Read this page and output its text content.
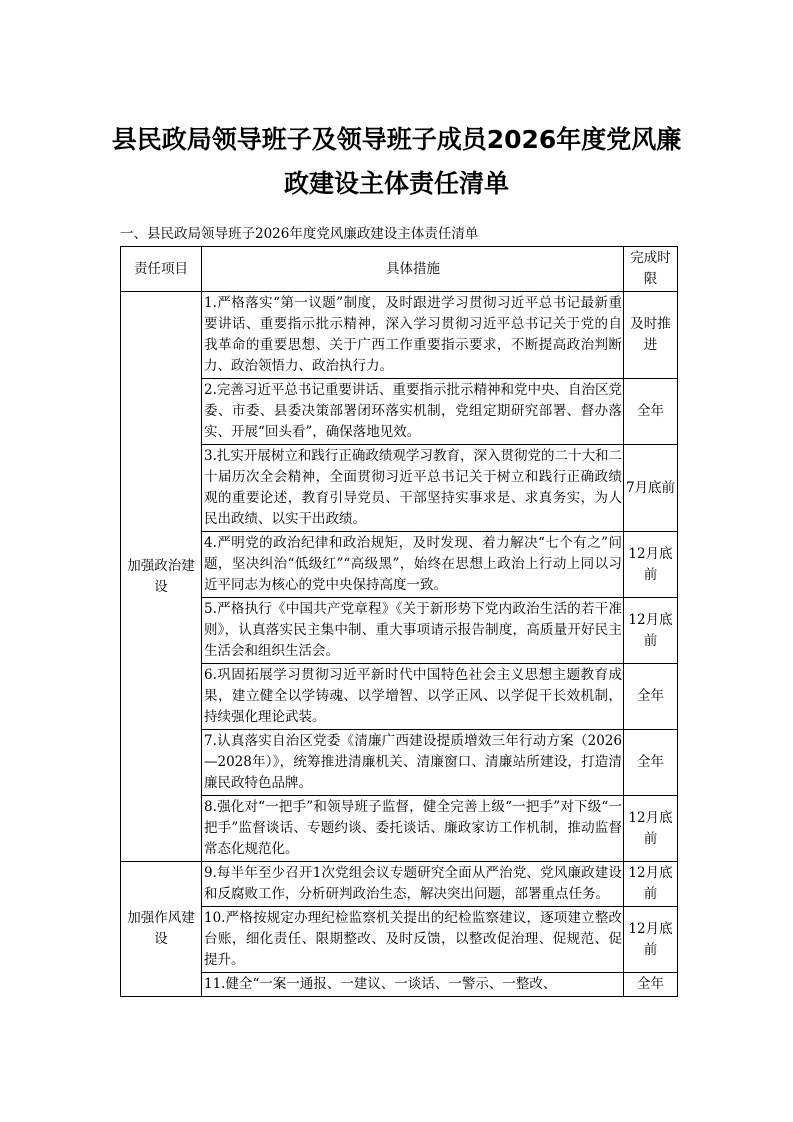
县民政局领导班子及领导班子成员2026年度党风廉
政建设主体责任清单
一、县民政局领导班子2026年度党风廉政建设主体责任清单
责任项目	具体措施	完成时限
加强政治建设	1.严格落实“第一议题”制度，及时跟进学习贯彻习近平总书记最新重要讲话、重要指示批示精神，深入学习贯彻习近平总书记关于党的自我革命的重要思想、关于广西工作重要指示要求，不断提高政治判断力、政治领悟力、政治执行力。	及时推进
	2.完善习近平总书记重要讲话、重要指示批示精神和党中央、自治区党委、市委、县委决策部署闭环落实机制，党组定期研究部署、督办落实、开展“回头看”，确保落地见效。	全年
	3.扎实开展树立和践行正确政绩观学习教育，深入贯彻党的二十大和二十届历次全会精神，全面贯彻习近平总书记关于树立和践行正确政绩观的重要论述，教育引导党员、干部坚持实事求是、求真务实，为人民出政绩、以实干出政绩。	7月底前
	4.严明党的政治纪律和政治规矩，及时发现、着力解决“七个有之”问题，坚决纠治“低级红”“高级黑”，始终在思想上政治上行动上同以习近平同志为核心的党中央保持高度一致。	12月底前
	5.严格执行《中国共产党章程》《关于新形势下党内政治生活的若干准则》，认真落实民主集中制、重大事项请示报告制度，高质量开好民主生活会和组织生活会。	12月底前
	6.巩固拓展学习贯彻习近平新时代中国特色社会主义思想主题教育成果，建立健全以学铸魂、以学增智、以学正风、以学促干长效机制，持续强化理论武装。	全年
	7.认真落实自治区党委《清廉广西建设提质增效三年行动方案（2026—2028年）》，统筹推进清廉机关、清廉窗口、清廉站所建设，打造清廉民政特色品牌。	全年
	8.强化对“一把手”和领导班子监督，健全完善上级“一把手”对下级“一把手”监督谈话、专题约谈、委托谈话、廉政家访工作机制，推动监督常态化规范化。	12月底前
加强作风建设	9.每半年至少召开1次党组会议专题研究全面从严治党、党风廉政建设和反腐败工作，分析研判政治生态，解决突出问题，部署重点任务。	12月底前
	10.严格按规定办理纪检监察机关提出的纪检监察建议，逐项建立整改台账，细化责任、限期整改、及时反馈，以整改促治理、促规范、促提升。	12月底前
	11.健全“一案一通报、一建议、一谈话、一警示、一整改、	全年
